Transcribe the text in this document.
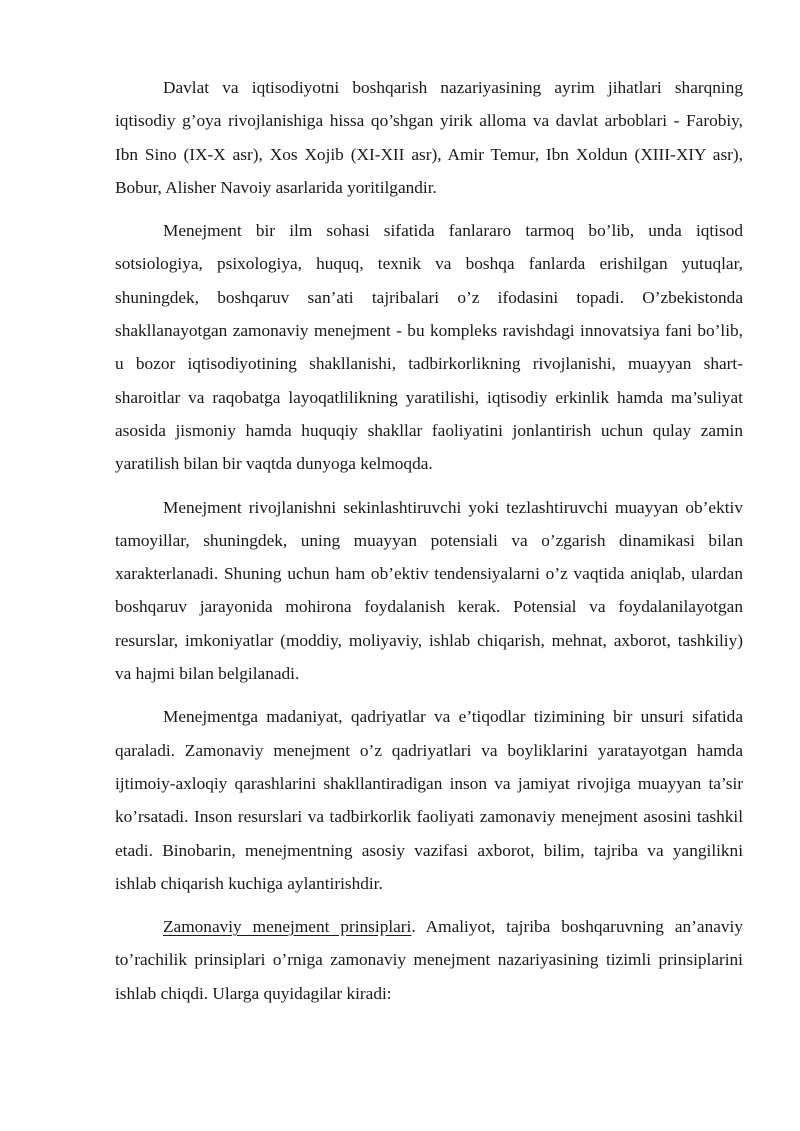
Davlat va iqtisodiyotni boshqarish nazariyasining ayrim jihatlari sharqning iqtisodiy g’oya rivojlanishiga hissa qo’shgan yirik alloma va davlat arboblari - Farobiy, Ibn Sino (IX-X asr), Xos Xojib (XI-XII asr), Amir Temur, Ibn Xoldun (XIII-XIY asr), Bobur, Alisher Navoiy asarlarida yoritilgandir.

Menejment bir ilm sohasi sifatida fanlararo tarmoq bo’lib, unda iqtisod sotsiologiya, psixologiya, huquq, texnik va boshqa fanlarda erishilgan yutuqlar, shuningdek, boshqaruv san’ati tajribalari o’z ifodasini topadi. O’zbekistonda shakllanayotgan zamonaviy menejment - bu kompleks ravishdagi innovatsiya fani bo’lib, u bozor iqtisodiyotining shakllanishi, tadbirkorlikning rivojlanishi, muayyan shart-sharoitlar va raqobatga layoqatlilikning yaratilishi, iqtisodiy erkinlik hamda ma’suliyat asosida jismoniy hamda huquqiy shakllar faoliyatini jonlantirish uchun qulay zamin yaratilish bilan bir vaqtda dunyoga kelmoqda.

Menejment rivojlanishni sekinlashtiruvchi yoki tezlashtiruvchi muayyan ob’ektiv tamoyillar, shuningdek, uning muayyan potensiali va o’zgarish dinamikasi bilan xarakterlanadi. Shuning uchun ham ob’ektiv tendensiyalarni o’z vaqtida aniqlab, ulardan boshqaruv jarayonida mohirona foydalanish kerak. Potensial va foydalanilayotgan resurslar, imkoniyatlar (moddiy, moliyaviy, ishlab chiqarish, mehnat, axborot, tashkiliy) va hajmi bilan belgilanadi.

Menejmentga madaniyat, qadriyatlar va e’tiqodlar tizimining bir unsuri sifatida qaraladi. Zamonaviy menejment o’z qadriyatlari va boyliklarini yaratayotgan hamda ijtimoiy-axloqiy qarashlarini shakllantiradigan inson va jamiyat rivojiga muayyan ta’sir ko’rsatadi. Inson resurslari va tadbirkorlik faoliyati zamonaviy menejment asosini tashkil etadi. Binobarin, menejmentning asosiy vazifasi axborot, bilim, tajriba va yangilikni ishlab chiqarish kuchiga aylantirishdir.

Zamonaviy menejment prinsiplari. Amaliyot, tajriba boshqaruvning an’anaviy to’rachilik prinsiplari o’rniga zamonaviy menejment nazariyasining tizimli prinsiplarini ishlab chiqdi. Ularga quyidagilar kiradi:
